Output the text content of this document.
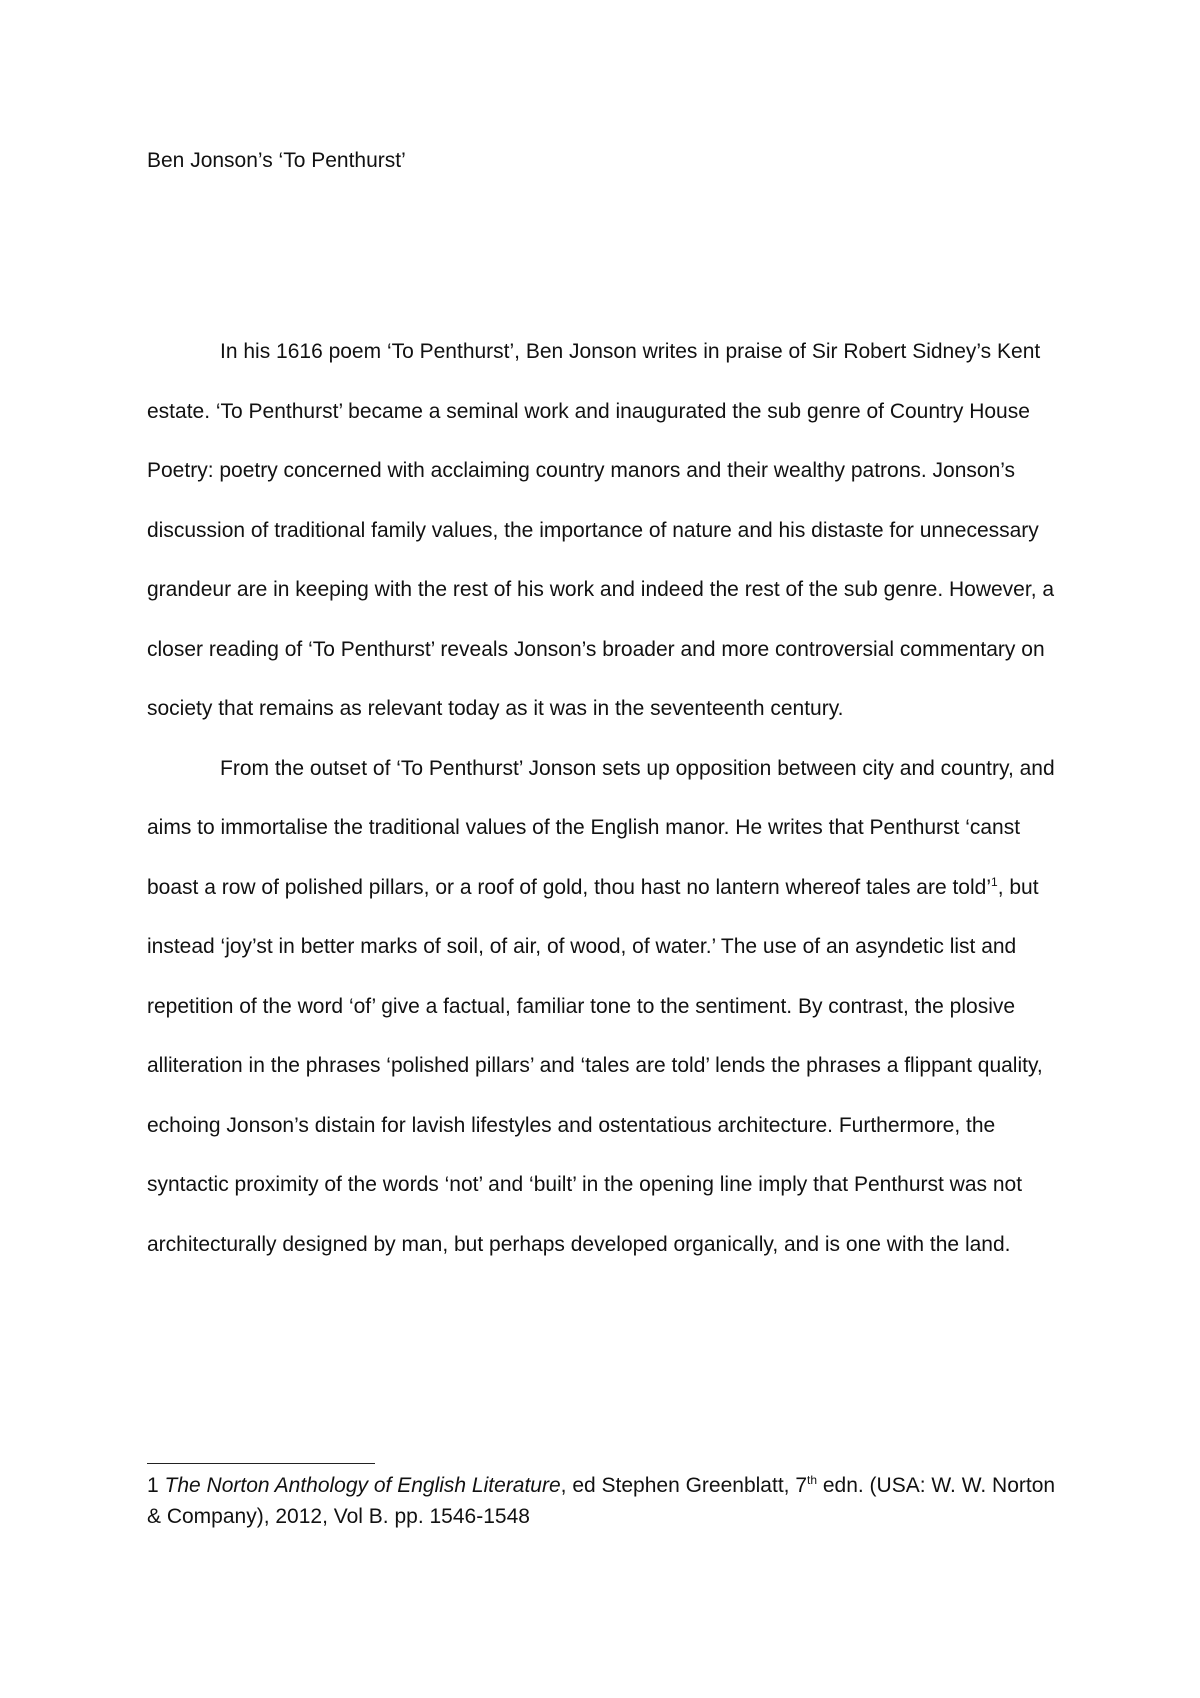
Ben Jonson’s ‘To Penthurst’

In his 1616 poem ‘To Penthurst’, Ben Jonson writes in praise of Sir Robert Sidney’s Kent estate. ‘To Penthurst’ became a seminal work and inaugurated the sub genre of Country House Poetry: poetry concerned with acclaiming country manors and their wealthy patrons. Jonson’s discussion of traditional family values, the importance of nature and his distaste for unnecessary grandeur are in keeping with the rest of his work and indeed the rest of the sub genre. However, a closer reading of ‘To Penthurst’ reveals Jonson’s broader and more controversial commentary on society that remains as relevant today as it was in the seventeenth century.

From the outset of ‘To Penthurst’ Jonson sets up opposition between city and country, and aims to immortalise the traditional values of the English manor. He writes that Penthurst ‘canst boast a row of polished pillars, or a roof of gold, thou hast no lantern whereof tales are told’$^1$, but instead ‘joy’st in better marks of soil, of air, of wood, of water.’ The use of an asyndetic list and repetition of the word ‘of’ give a factual, familiar tone to the sentiment. By contrast, the plosive alliteration in the phrases ‘polished pillars’ and ‘tales are told’ lends the phrases a flippant quality, echoing Jonson’s distain for lavish lifestyles and ostentatious architecture. Furthermore, the syntactic proximity of the words ‘not’ and ‘built’ in the opening line imply that Penthurst was not architecturally designed by man, but perhaps developed organically, and is one with the land.

1 The Norton Anthology of English Literature, ed Stephen Greenblatt, 7th edn. (USA: W. W. Norton & Company), 2012, Vol B. pp. 1546-1548
